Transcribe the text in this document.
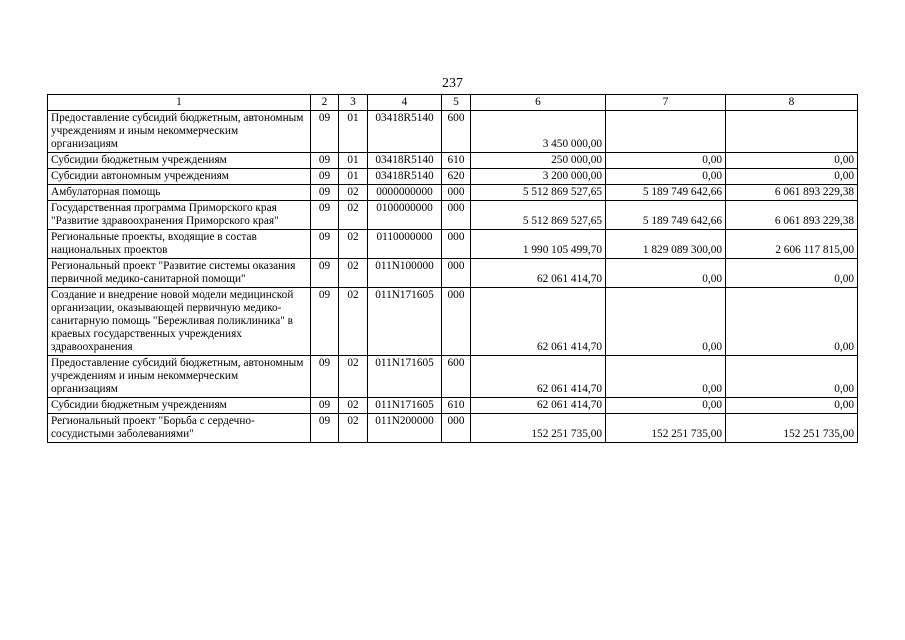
237
1	2	3	4	5	6	7	8
Предоставление субсидий бюджетным, автономным учреждениям и иным некоммерческим организациям	09	01	03418R5140	600	3 450 000,00		
Субсидии бюджетным учреждениям	09	01	03418R5140	610	250 000,00	0,00	0,00
Субсидии автономным учреждениям	09	01	03418R5140	620	3 200 000,00	0,00	0,00
Амбулаторная помощь	09	02	0000000000	000	5 512 869 527,65	5 189 749 642,66	6 061 893 229,38
Государственная программа Приморского края "Развитие здравоохранения Приморского края"	09	02	0100000000	000	5 512 869 527,65	5 189 749 642,66	6 061 893 229,38
Региональные проекты, входящие в состав национальных проектов	09	02	0110000000	000	1 990 105 499,70	1 829 089 300,00	2 606 117 815,00
Региональный проект "Развитие системы оказания первичной медико-санитарной помощи"	09	02	011N100000	000	62 061 414,70	0,00	0,00
Создание и внедрение новой модели медицинской организации, оказывающей первичную медико-санитарную помощь "Бережливая поликлиника" в краевых государственных учреждениях здравоохранения	09	02	011N171605	000	62 061 414,70	0,00	0,00
Предоставление субсидий бюджетным, автономным учреждениям и иным некоммерческим организациям	09	02	011N171605	600	62 061 414,70	0,00	0,00
Субсидии бюджетным учреждениям	09	02	011N171605	610	62 061 414,70	0,00	0,00
Региональный проект "Борьба с сердечно-сосудистыми заболеваниями"	09	02	011N200000	000	152 251 735,00	152 251 735,00	152 251 735,00
